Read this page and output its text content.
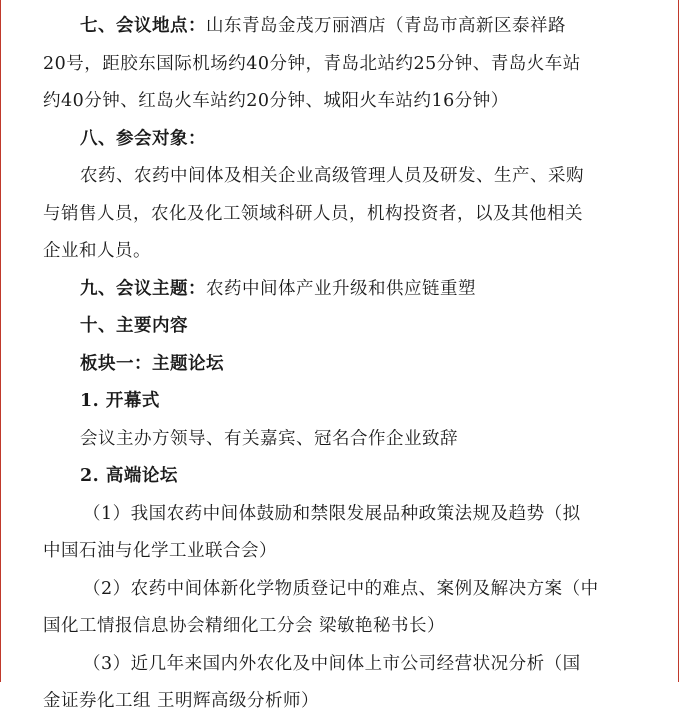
七、会议地点：山东青岛金茂万丽酒店（青岛市高新区泰祥路
20号，距胶东国际机场约40分钟，青岛北站约25分钟、青岛火车站
约40分钟、红岛火车站约20分钟、城阳火车站约16分钟）
八、参会对象：
农药、农药中间体及相关企业高级管理人员及研发、生产、采购
与销售人员，农化及化工领域科研人员，机构投资者，以及其他相关
企业和人员。
九、会议主题：农药中间体产业升级和供应链重塑
十、主要内容
板块一：主题论坛
1. 开幕式
会议主办方领导、有关嘉宾、冠名合作企业致辞
2. 高端论坛
（1）我国农药中间体鼓励和禁限发展品种政策法规及趋势（拟
中国石油与化学工业联合会）
（2）农药中间体新化学物质登记中的难点、案例及解决方案（中
国化工情报信息协会精细化工分会 梁敏艳秘书长）
（3）近几年来国内外农化及中间体上市公司经营状况分析（国
金证券化工组 王明辉高级分析师）
